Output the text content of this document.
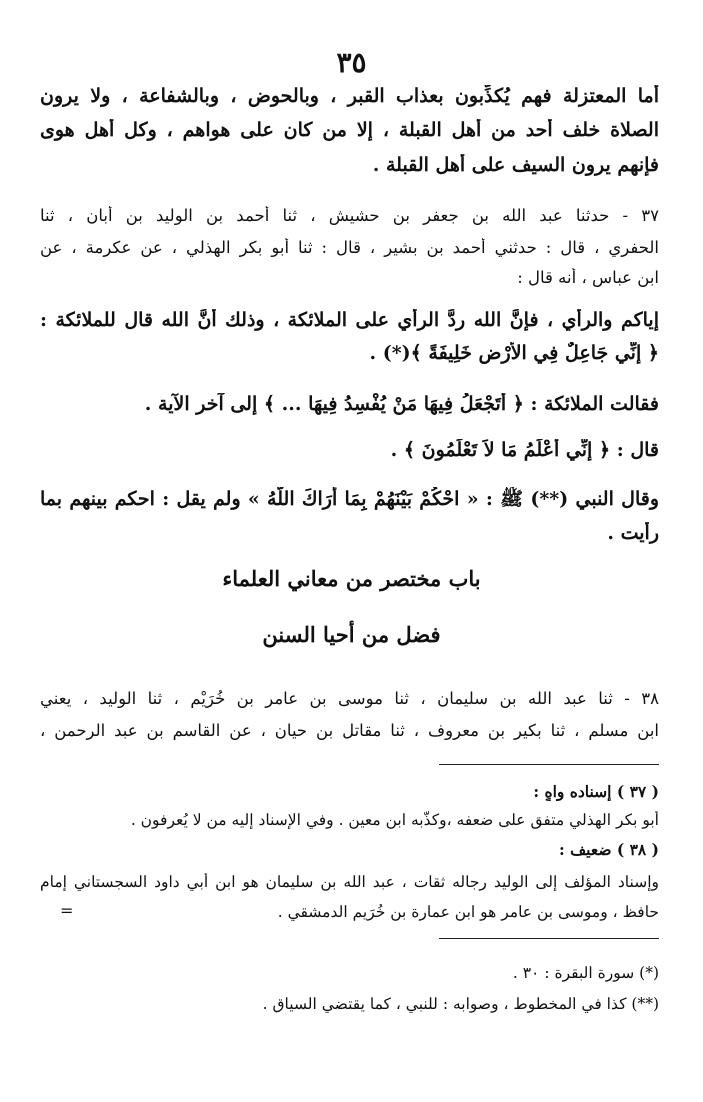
٣٥
أما المعتزلة فهم يُكذِّبون بعذاب القبر ، وبالحوض ، وبالشفاعة ، ولا يرون
الصلاة خلف أحد من أهل القبلة ، إلا من كان على هواهم ، وكل أهل هوى
فإنهم يرون السيف على أهل القبلة .
٣٧ - حدثنا عبد الله بن جعفر بن حشيش ، ثنا أحمد بن الوليد بن أبان ، ثنا
الحفري ، قال : حدثني أحمد بن بشير ، قال : ثنا أبو بكر الهذلي ، عن عكرمة ، عن
ابن عباس ، أنه قال :
إياكم والرأي ، فإنَّ الله ردَّ الرأي على الملائكة ، وذلك أنَّ الله قال للملائكة :
﴿ إِنِّي جَاعِلٌ فِي الأَرْضِ خَلِيفَةً ﴾(*) .
فقالت الملائكة : ﴿ أَتَجْعَلُ فِيهَا مَنْ يُفْسِدُ فِيهَا ... ﴾ إلى آخر الآية .
قال : ﴿ إِنِّي أَعْلَمُ مَا لاَ تَعْلَمُونَ ﴾ .
وقال النبي (**) ﷺ : « احْكُمْ بَيْنَهُمْ بِمَا أَرَاكَ اللَّهُ » ولم يقل : احكم بينهم بما
رأيت .
باب مختصر من معاني العلماء
فضل من أحيا السنن
٣٨ - ثنا عبد الله بن سليمان ، ثنا موسى بن عامر بن خُرَيْم ، ثنا الوليد ، يعني
ابن مسلم ، ثنا بكير بن معروف ، ثنا مقاتل بن حيان ، عن القاسم بن عبد الرحمن ،
( ٣٧ ) إسناده واهٍ :
أبو بكر الهذلي متفق على ضعفه ،وكذَّبه ابن معين . وفي الإسناد إليه من لا يُعرفون .
( ٣٨ ) ضعيف :
وإسناد المؤلف إلى الوليد رجاله ثقات ، عبد الله بن سليمان هو ابن أبي داود السجستاني إمام
حافظ ، وموسى بن عامر هو ابن عمارة بن خُرَيم الدمشقي .
=
(*) سورة البقرة : ٣٠ .
(**) كذا في المخطوط ، وصوابه : للنبي ، كما يقتضي السياق .
